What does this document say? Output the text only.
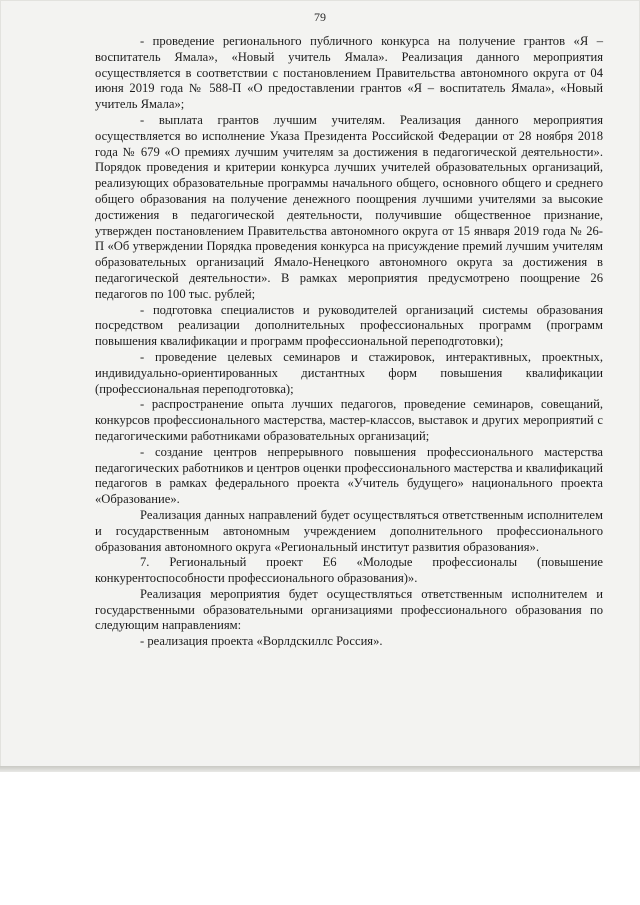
79

- проведение регионального публичного конкурса на получение грантов «Я – воспитатель Ямала», «Новый учитель Ямала». Реализация данного мероприятия осуществляется в соответствии с постановлением Правительства автономного округа от 04 июня 2019 года № 588-П «О предоставлении грантов «Я – воспитатель Ямала», «Новый учитель Ямала»;

- выплата грантов лучшим учителям. Реализация данного мероприятия осуществляется во исполнение Указа Президента Российской Федерации от 28 ноября 2018 года № 679 «О премиях лучшим учителям за достижения в педагогической деятельности». Порядок проведения и критерии конкурса лучших учителей образовательных организаций, реализующих образовательные программы начального общего, основного общего и среднего общего образования на получение денежного поощрения лучшими учителями за высокие достижения в педагогической деятельности, получившие общественное признание, утвержден постановлением Правительства автономного округа от 15 января 2019 года № 26-П «Об утверждении Порядка проведения конкурса на присуждение премий лучшим учителям образовательных организаций Ямало-Ненецкого автономного округа за достижения в педагогической деятельности». В рамках мероприятия предусмотрено поощрение 26 педагогов по 100 тыс. рублей;

- подготовка специалистов и руководителей организаций системы образования посредством реализации дополнительных профессиональных программ (программ повышения квалификации и программ профессиональной переподготовки);

- проведение целевых семинаров и стажировок, интерактивных, проектных, индивидуально-ориентированных дистантных форм повышения квалификации (профессиональная переподготовка);

- распространение опыта лучших педагогов, проведение семинаров, совещаний, конкурсов профессионального мастерства, мастер-классов, выставок и других мероприятий с педагогическими работниками образовательных организаций;

- создание центров непрерывного повышения профессионального мастерства педагогических работников и центров оценки профессионального мастерства и квалификаций педагогов в рамках федерального проекта «Учитель будущего» национального проекта «Образование».

Реализация данных направлений будет осуществляться ответственным исполнителем и государственным автономным учреждением дополнительного профессионального образования автономного округа «Региональный институт развития образования».

7. Региональный проект Е6 «Молодые профессионалы (повышение конкурентоспособности профессионального образования)».

Реализация мероприятия будет осуществляться ответственным исполнителем и государственными образовательными организациями профессионального образования по следующим направлениям:

- реализация проекта «Ворлдскиллс Россия».
